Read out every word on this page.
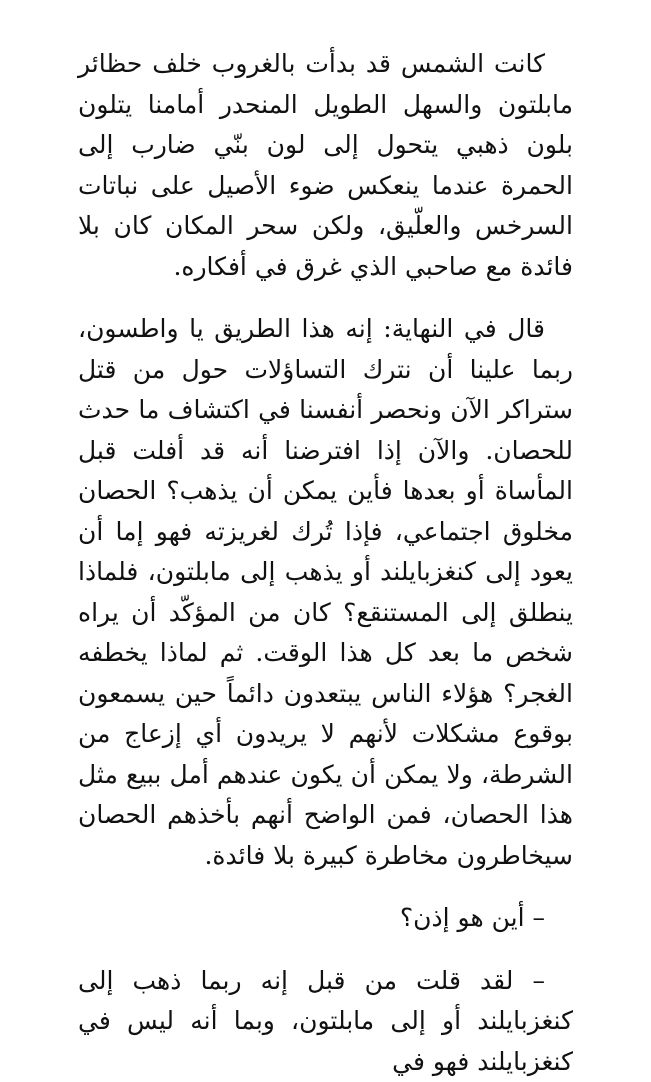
كانت الشمس قد بدأت بالغروب خلف حظائر مابلتون والسهل الطويل المنحدر أمامنا يتلون بلون ذهبي يتحول إلى لون بنّي ضارب إلى الحمرة عندما ينعكس ضوء الأصيل على نباتات السرخس والعلّيق، ولكن سحر المكان كان بلا فائدة مع صاحبي الذي غرق في أفكاره.

قال في النهاية: إنه هذا الطريق يا واطسون، ربما علينا أن نترك التساؤلات حول من قتل ستراكر الآن ونحصر أنفسنا في اكتشاف ما حدث للحصان. والآن إذا افترضنا أنه قد أفلت قبل المأساة أو بعدها فأين يمكن أن يذهب؟ الحصان مخلوق اجتماعي، فإذا تُرك لغريزته فهو إما أن يعود إلى كنغزبايلند أو يذهب إلى مابلتون، فلماذا ينطلق إلى المستنقع؟ كان من المؤكّد أن يراه شخص ما بعد كل هذا الوقت. ثم لماذا يخطفه الغجر؟ هؤلاء الناس يبتعدون دائماً حين يسمعون بوقوع مشكلات لأنهم لا يريدون أي إزعاج من الشرطة، ولا يمكن أن يكون عندهم أمل ببيع مثل هذا الحصان، فمن الواضح أنهم بأخذهم الحصان سيخاطرون مخاطرة كبيرة بلا فائدة.

– أين هو إذن؟

– لقد قلت من قبل إنه ربما ذهب إلى كنغزبايلند أو إلى مابلتون، وبما أنه ليس في كنغزبايلند فهو في
